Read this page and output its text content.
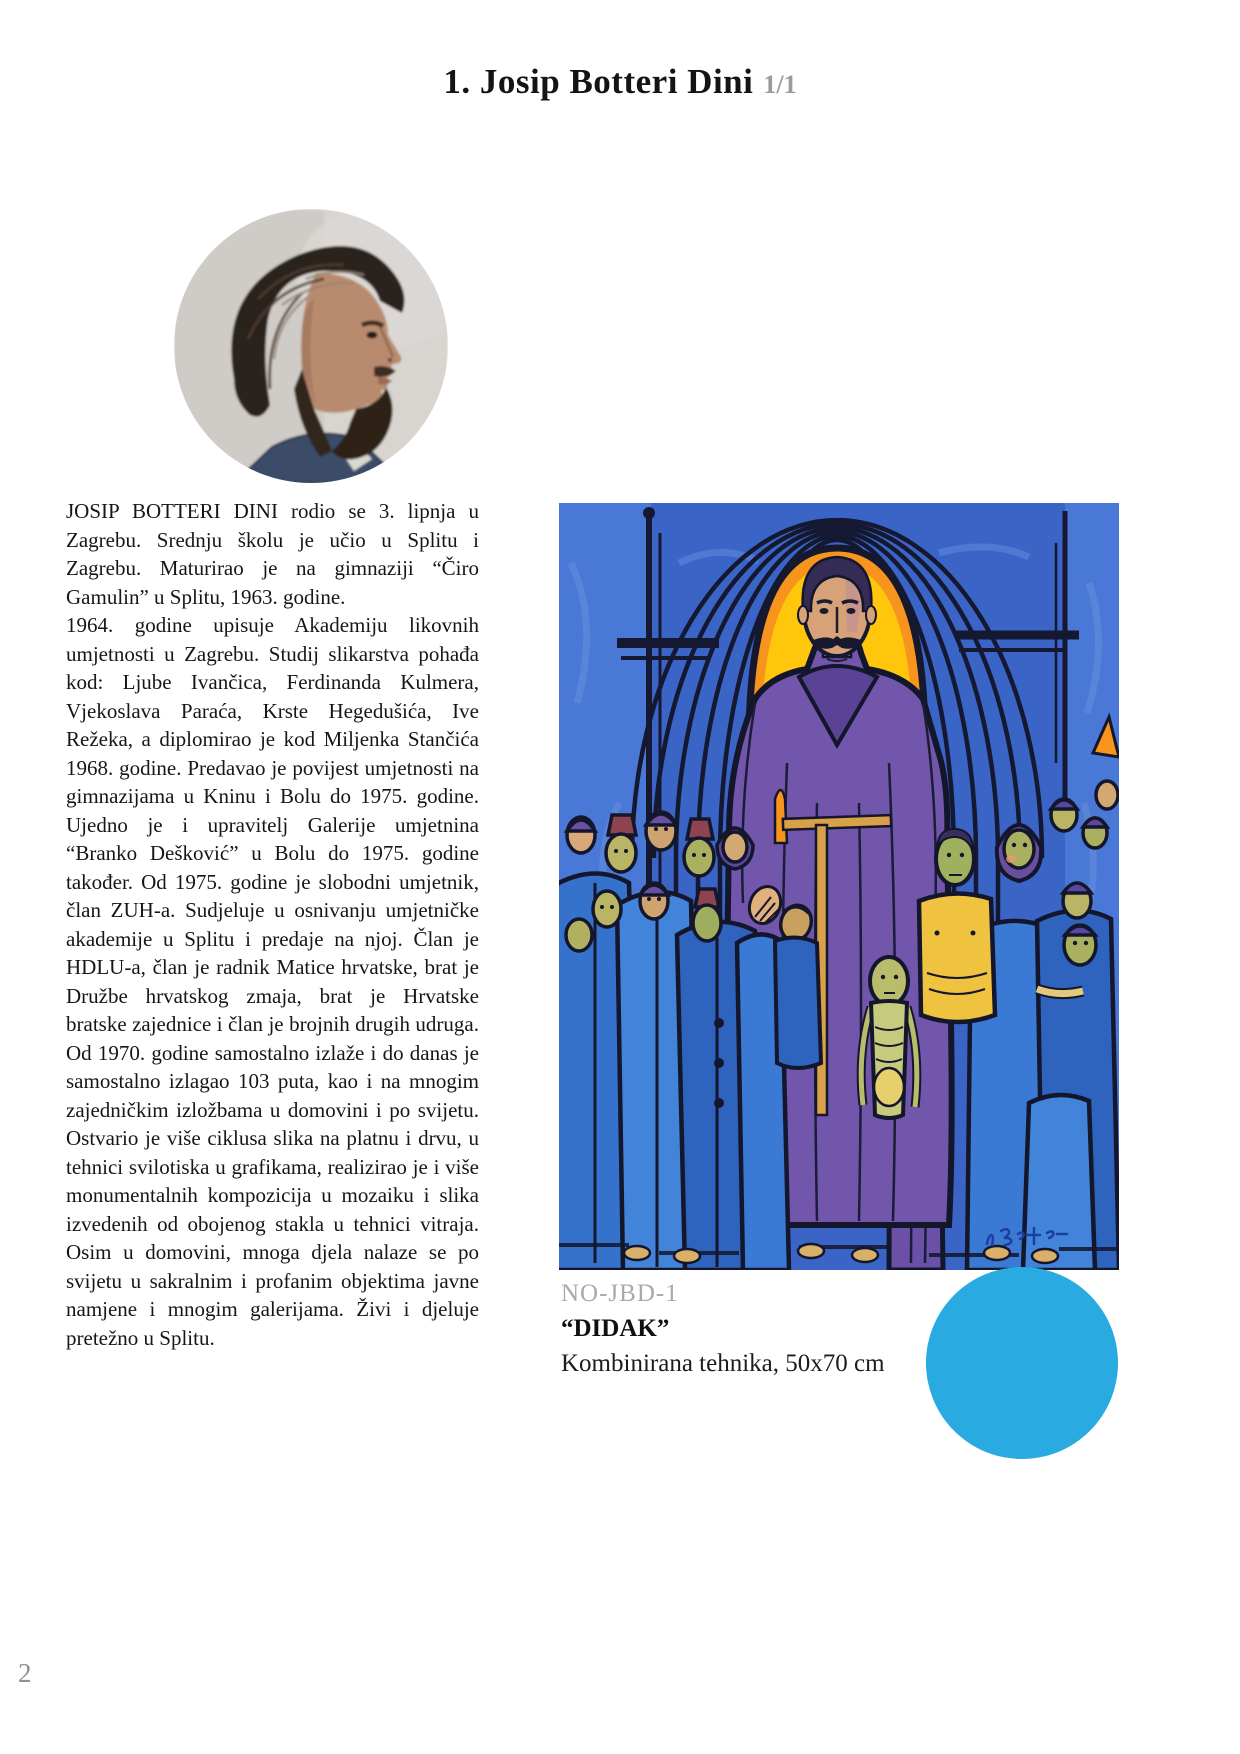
1. Josip Botteri Dini 1/1

JOSIP BOTTERI DINI rodio se 3. lipnja u Zagrebu. Srednju školu je učio u Splitu i Zagrebu. Maturirao je na gimnaziji “Čiro Gamulin” u Splitu, 1963. godine.

1964. godine upisuje Akademiju likovnih umjetnosti u Zagrebu. Studij slikarstva pohađa kod: Ljube Ivančica, Ferdinanda Kulmera, Vjekoslava Paraća, Krste Hegedušića, Ive Režeka, a diplomirao je kod Miljenka Stančića 1968. godine. Predavao je povijest umjetnosti na gimnazijama u Kninu i Bolu do 1975. godine. Ujedno je i upravitelj Galerije umjetnina “Branko Dešković” u Bolu do 1975. godine također. Od 1975. godine je slobodni umjetnik, član ZUH-a. Sudjeluje u osnivanju umjetničke akademije u Splitu i predaje na njoj. Član je HDLU-a, član je radnik Matice hrvatske, brat je Družbe hrvatskog zmaja, brat je Hrvatske bratske zajednice i član je brojnih drugih udruga. Od 1970. godine samostalno izlaže i do danas je samostalno izlagao 103 puta, kao i na mnogim zajedničkim izložbama u domovini i po svijetu. Ostvario je više ciklusa slika na platnu i drvu, u tehnici svilotiska u grafikama, realizirao je i više monumentalnih kompozicija u mozaiku i slika izvedenih od obojenog stakla u tehnici vitraja. Osim u domovini, mnoga djela nalaze se po svijetu u sakralnim i profanim objektima javne namjene i mnogim galerijama. Živi i djeluje pretežno u Splitu.

NO-JBD-1
“DIDAK”
Kombinirana tehnika, 50x70 cm
2
